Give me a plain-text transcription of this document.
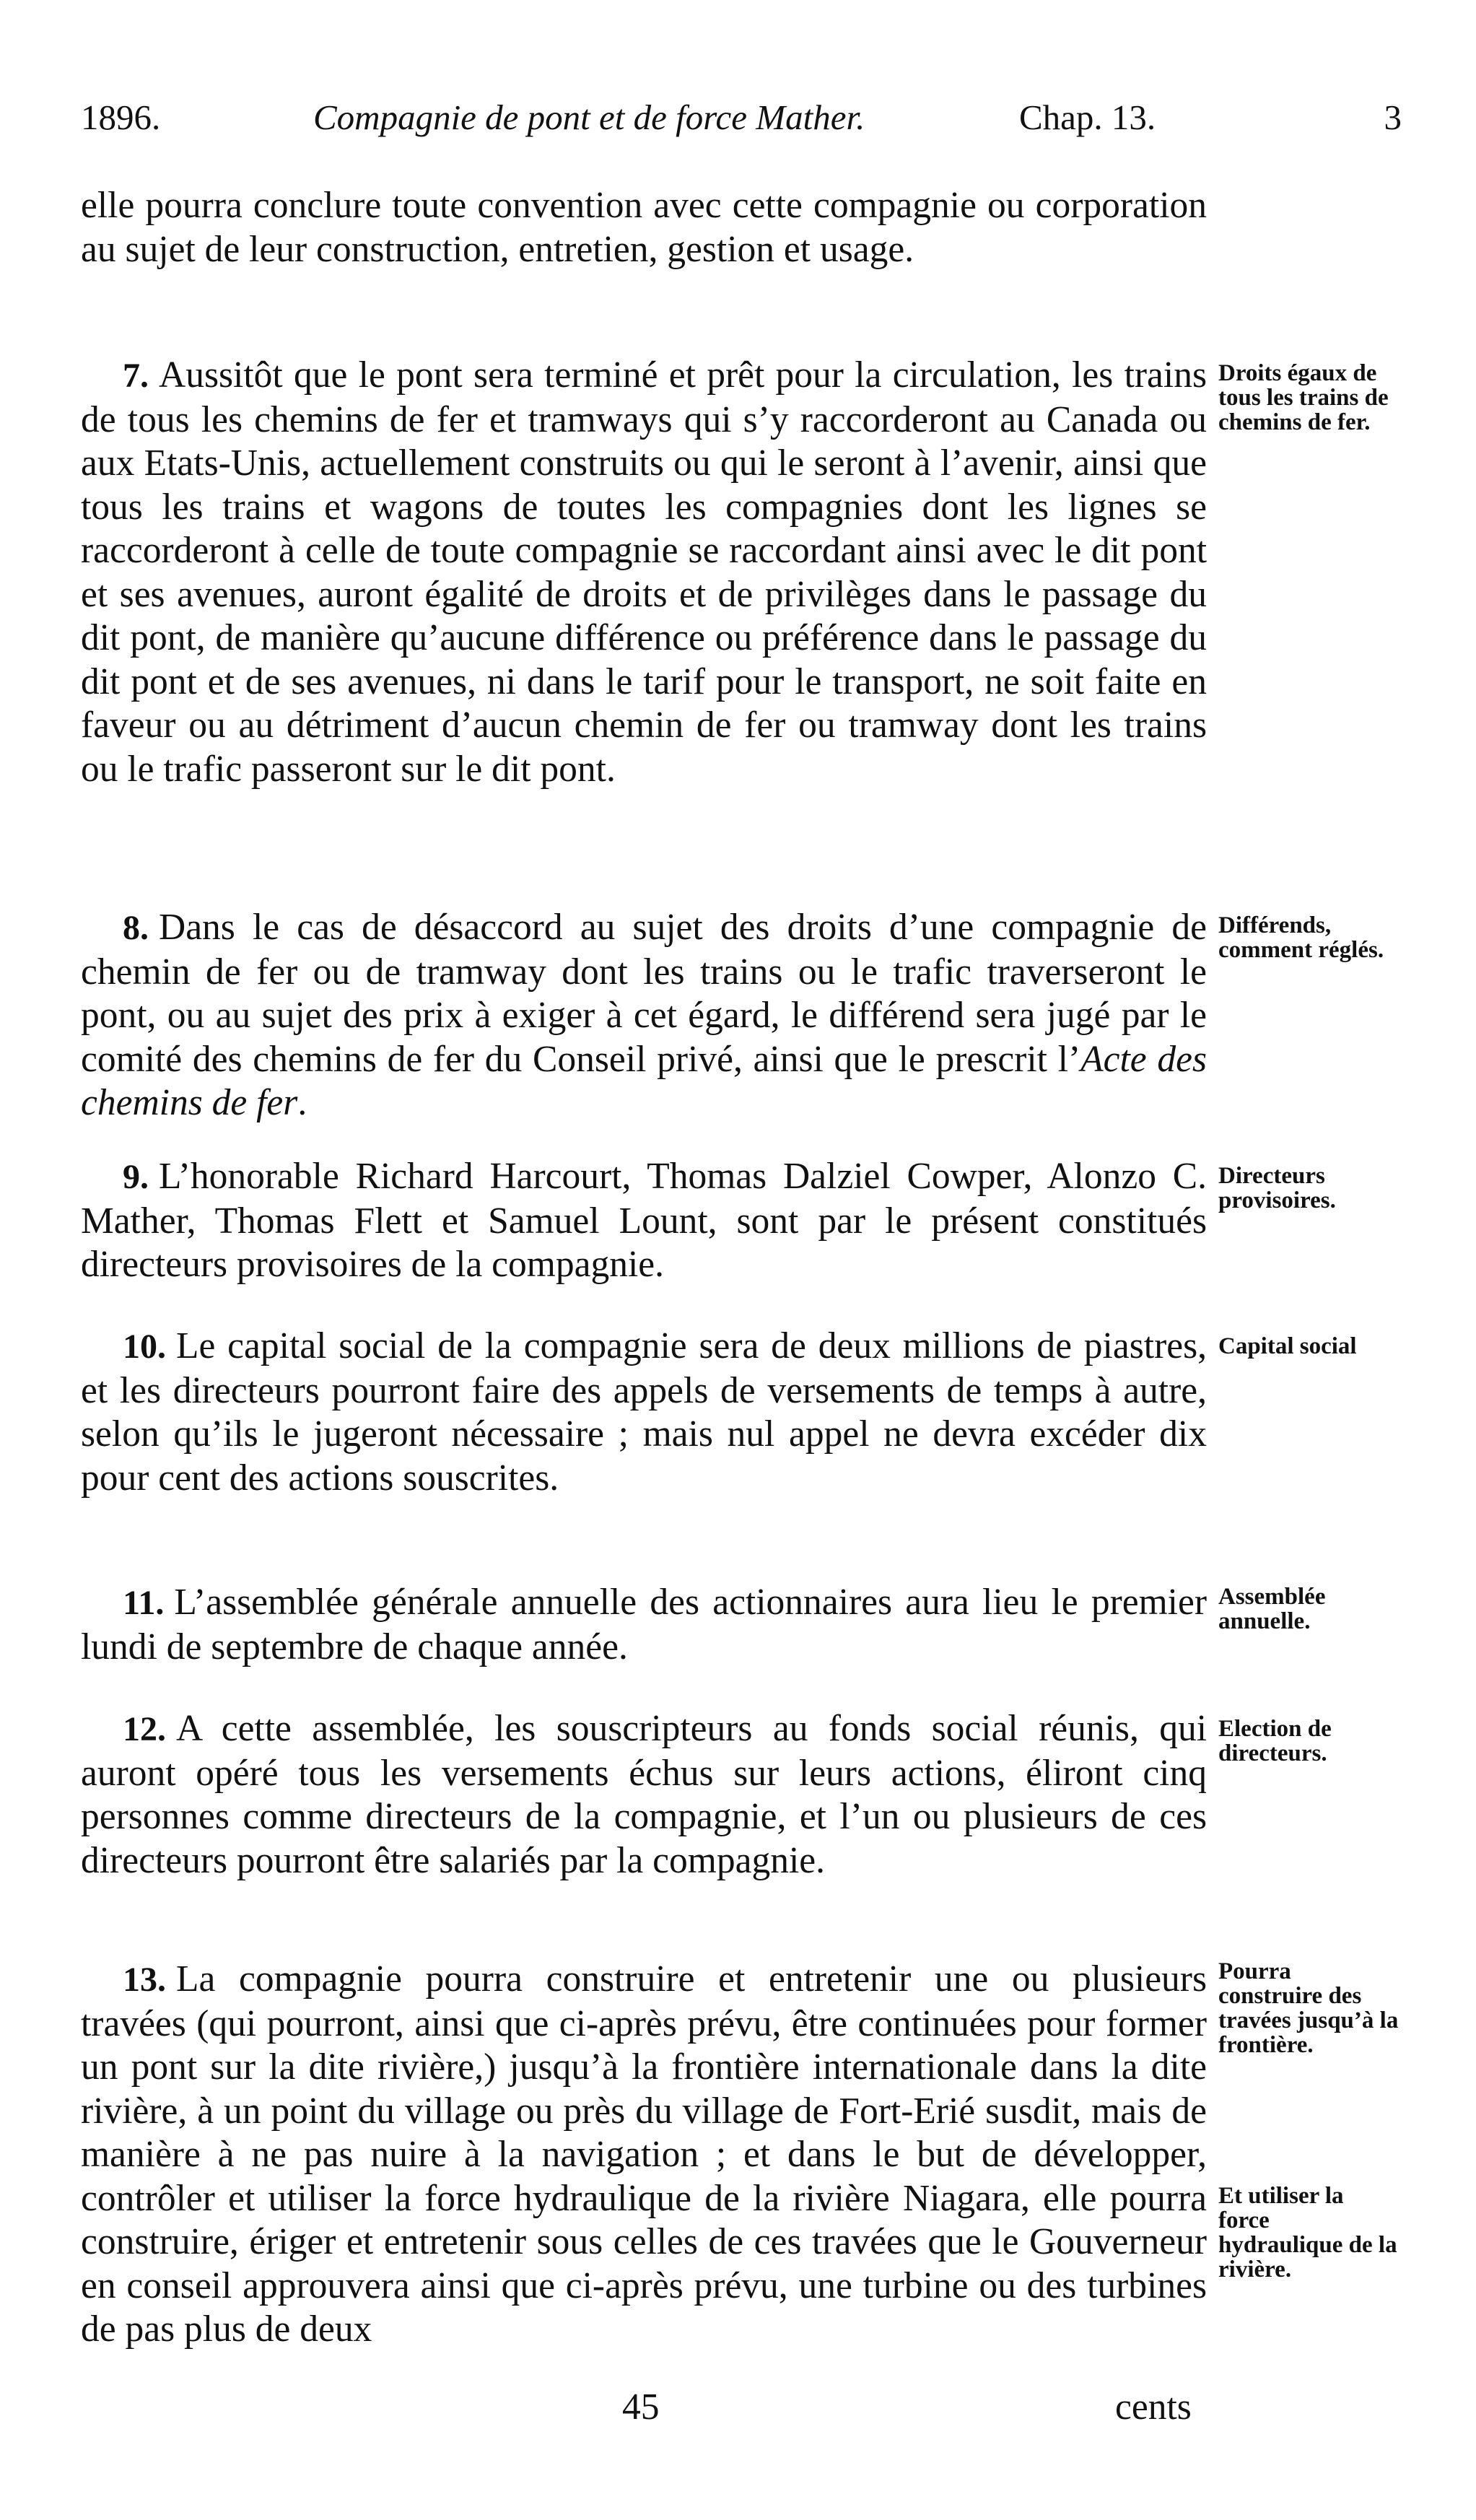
1896.	Compagnie de pont et de force Mather.	Chap. 13.	3
elle pourra conclure toute convention avec cette compagnie ou corporation au sujet de leur construction, entretien, gestion et usage.
7. Aussitôt que le pont sera terminé et prêt pour la circulation, les trains de tous les chemins de fer et tramways qui s’y raccorderont au Canada ou aux Etats-Unis, actuellement construits ou qui le seront à l’avenir, ainsi que tous les trains et wagons de toutes les compagnies dont les lignes se raccorderont à celle de toute compagnie se raccordant ainsi avec le dit pont et ses avenues, auront égalité de droits et de privilèges dans le passage du dit pont, de manière qu’aucune différence ou préférence dans le passage du dit pont et de ses avenues, ni dans le tarif pour le transport, ne soit faite en faveur ou au détriment d’aucun chemin de fer ou tramway dont les trains ou le trafic passeront sur le dit pont.
Droits égaux de tous les trains de chemins de fer.
8. Dans le cas de désaccord au sujet des droits d’une compagnie de chemin de fer ou de tramway dont les trains ou le trafic traverseront le pont, ou au sujet des prix à exiger à cet égard, le différend sera jugé par le comité des chemins de fer du Conseil privé, ainsi que le prescrit l’Acte des chemins de fer.
Différends, comment réglés.
9. L’honorable Richard Harcourt, Thomas Dalziel Cowper, Alonzo C. Mather, Thomas Flett et Samuel Lount, sont par le présent constitués directeurs provisoires de la compagnie.
Directeurs provisoires.
10. Le capital social de la compagnie sera de deux millions de piastres, et les directeurs pourront faire des appels de versements de temps à autre, selon qu’ils le jugeront nécessaire ; mais nul appel ne devra excéder dix pour cent des actions souscrites.
Capital social
11. L’assemblée générale annuelle des actionnaires aura lieu le premier lundi de septembre de chaque année.
Assemblée annuelle.
12. A cette assemblée, les souscripteurs au fonds social réunis, qui auront opéré tous les versements échus sur leurs actions, éliront cinq personnes comme directeurs de la compagnie, et l’un ou plusieurs de ces directeurs pourront être salariés par la compagnie.
Election de directeurs.
13. La compagnie pourra construire et entretenir une ou plusieurs travées (qui pourront, ainsi que ci-après prévu, être continuées pour former un pont sur la dite rivière,) jusqu’à la frontière internationale dans la dite rivière, à un point du village ou près du village de Fort-Erié susdit, mais de manière à ne pas nuire à la navigation ; et dans le but de développer, contrôler et utiliser la force hydraulique de la rivière Niagara, elle pourra construire, ériger et entretenir sous celles de ces travées que le Gouverneur en conseil approuvera ainsi que ci-après prévu, une turbine ou des turbines de pas plus de deux
Pourra construire des travées jusqu’à la frontière.
Et utiliser la force hydraulique de la rivière.
45	cents
